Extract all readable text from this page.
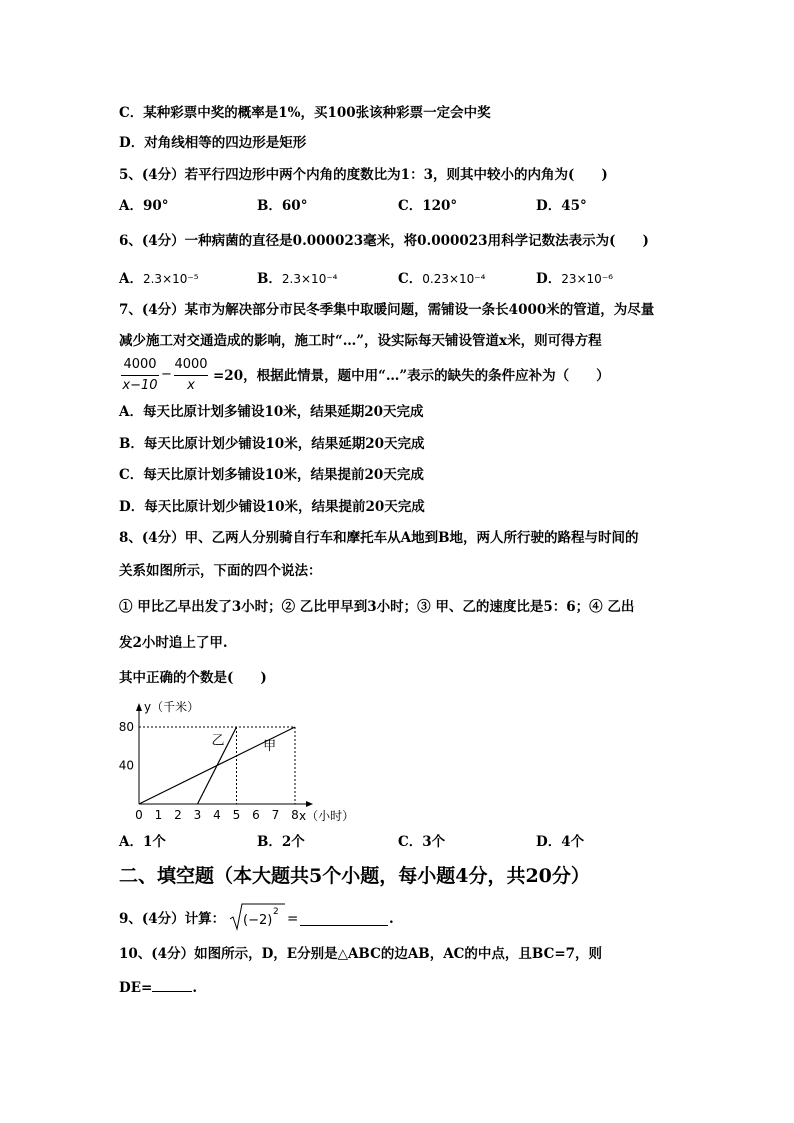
C．某种彩票中奖的概率是1%，买100张该种彩票一定会中奖
D．对角线相等的四边形是矩形
5、(4分）若平行四边形中两个内角的度数比为1：3，则其中较小的内角为(　　)
A．90°	B．60°	C．120°	D．45°
6、(4分）一种病菌的直径是0.000023毫米，将0.000023用科学记数法表示为(　　)
A．2.3×10⁻⁵	B．2.3×10⁻⁴	C．0.23×10⁻⁴	D．23×10⁻⁶
7、(4分）某市为解决部分市民冬季集中取暖问题，需铺设一条长4000米的管道，为尽量
减少施工对交通造成的影响，施工时“…”，设实际每天铺设管道x米，则可得方程
4000
x−10
−
4000
x
=20，根据此情景，题中用“…”表示的缺失的条件应补为（　　）
A．每天比原计划多铺设10米，结果延期20天完成
B．每天比原计划少铺设10米，结果延期20天完成
C．每天比原计划多铺设10米，结果提前20天完成
D．每天比原计划少铺设10米，结果提前20天完成
8、(4分）甲、乙两人分别骑自行车和摩托车从A地到B地，两人所行驶的路程与时间的
关系如图所示，下面的四个说法：
① 甲比乙早出发了3小时；② 乙比甲早到3小时；③ 甲、乙的速度比是5：6；④ 乙出
发2小时追上了甲.
其中正确的个数是(　　)
y（千米）
x（小时）
0 1 2 3 4 5 6 7 8
40
80
甲
乙
A．1个	B．2个	C．3个	D．4个
二、填空题（本大题共5个小题，每小题4分，共20分）
9、(4分）计算： (−2)
2 =	.
10、(4分）如图所示，D，E分别是△ABC的边AB，AC的中点，且BC=7，则
DE=	.
